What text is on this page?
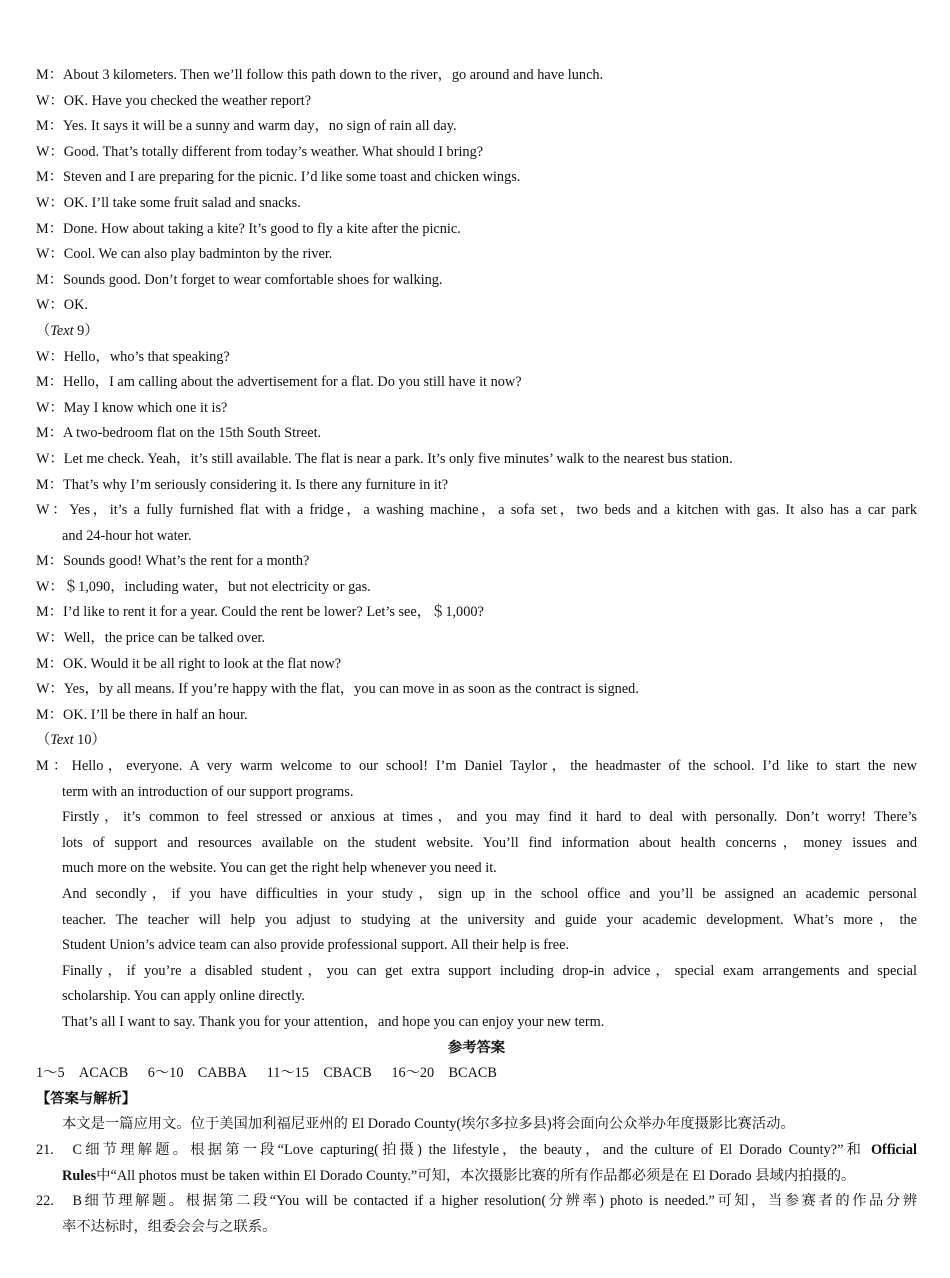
M：About 3 kilometers. Then we’ll follow this path down to the river，go around and have lunch.
W：OK. Have you checked the weather report?
M：Yes. It says it will be a sunny and warm day，no sign of rain all day.
W：Good. That’s totally different from today’s weather. What should I bring?
M：Steven and I are preparing for the picnic. I’d like some toast and chicken wings.
W：OK. I’ll take some fruit salad and snacks.
M：Done. How about taking a kite? It’s good to fly a kite after the picnic.
W：Cool. We can also play badminton by the river.
M：Sounds good. Don’t forget to wear comfortable shoes for walking.
W：OK.
（Text 9）
W：Hello，who’s that speaking?
M：Hello，I am calling about the advertisement for a flat. Do you still have it now?
W：May I know which one it is?
M：A two-bedroom flat on the 15th South Street.
W：Let me check. Yeah，it’s still available. The flat is near a park. It’s only five minutes’ walk to the nearest bus station.
M：That’s why I’m seriously considering it. Is there any furniture in it?
W：Yes，it’s a fully furnished flat with a fridge，a washing machine，a sofa set，two beds and a kitchen with gas. It also has a car park
and 24-hour hot water.
M：Sounds good! What’s the rent for a month?
W：＄1,090，including water，but not electricity or gas.
M：I’d like to rent it for a year. Could the rent be lower? Let’s see，＄1,000?
W：Well，the price can be talked over.
M：OK. Would it be all right to look at the flat now?
W：Yes，by all means. If you’re happy with the flat，you can move in as soon as the contract is signed.
M：OK. I’ll be there in half an hour.
（Text 10）
M：Hello，everyone. A very warm welcome to our school! I’m Daniel Taylor，the headmaster of the school. I’d like to start the new
term with an introduction of our support programs.
Firstly，it’s common to feel stressed or anxious at times，and you may find it hard to deal with personally. Don’t worry! There’s
lots of support and resources available on the student website. You’ll find information about health concerns，money issues and
much more on the website. You can get the right help whenever you need it.
And secondly，if you have difficulties in your study，sign up in the school office and you’ll be assigned an academic personal
teacher. The teacher will help you adjust to studying at the university and guide your academic development. What’s more，the
Student Union’s advice team can also provide professional support. All their help is free.
Finally，if you’re a disabled student，you can get extra support including drop-in advice，special exam arrangements and special
scholarship. You can apply online directly.
That’s all I want to say. Thank you for your attention，and hope you can enjoy your new term.
参考答案
1～5　ACACB 6～10　CABBA 11～15　CBACB 16～20　BCACB
【答案与解析】
本文是一篇应用文。位于美国加利福尼亚州的 El Dorado County(埃尔多拉多县)将会面向公众举办年度摄影比赛活动。
21. C细节理解题。根据第一段“Love capturing(拍摄) the lifestyle，the beauty，and the culture of El Dorado County?”和 Official
Rules中“All photos must be taken within El Dorado County.”可知，本次摄影比赛的所有作品都必须是在 El Dorado 县域内拍摄的。
22. B细节理解题。根据第二段“You will be contacted if a higher resolution(分辨率) photo is needed.”可知，当参赛者的作品分辨
率不达标时，组委会会与之联系。
